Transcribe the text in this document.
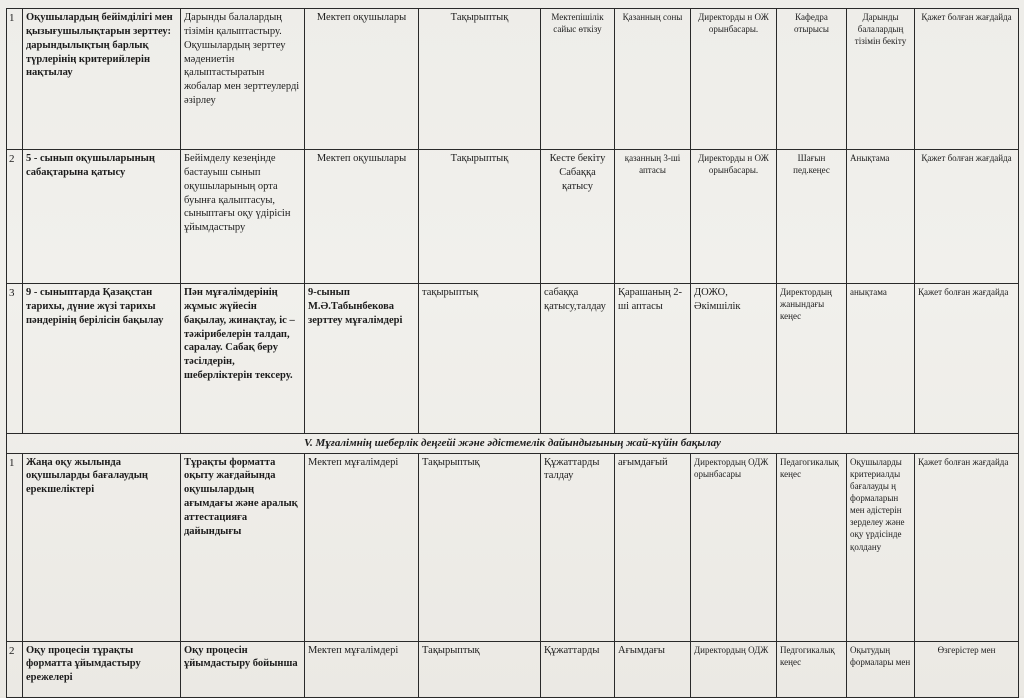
1	Оқушылардың бейімділігі мен қызығушылықтарын зерттеу: дарындылықтың барлық түрлерінің критерийлерін нақтылау	Дарынды балалардың тізімін қалыптастыру. Оқушылардың зерттеу мәдениетін қалыптастыратын жобалар мен зерттеулерді әзірлеу	Мектеп оқушылары	Тақырыптық	Мектепішілік сайыс өткізу	Қазанның соны	Директорды н ОЖ орынбасары.	Кафедра отырысы	Дарынды балалардың тізімін бекіту	Қажет болған жағдайда
2	5 - сынып оқушыларының сабақтарына қатысу	Бейімделу кезеңінде бастауыш сынып оқушыларының орта буынға қалыптасуы, сыныптағы оқу үдірісін ұйымдастыру	Мектеп оқушылары	Тақырыптық	Кесте бекіту Сабаққа қатысу	қазанның 3-ші аптасы	Директорды н ОЖ орынбасары.	Шағын пед.кеңес	Анықтама	Қажет болған жағдайда
3	9 - сыныптарда Қазақстан тарихы, дүние жүзі тарихы пәндерінің берілісін бақылау	Пән мұғалімдерінің жұмыс жүйесін бақылау, жинақтау, іс – тәжірибелерін талдап, саралау. Сабақ беру тәсілдерін, шеберліктерін тексеру.	9-сынып М.Ә.Табынбекова зерттеу мұғалімдері	тақырыптық	сабаққа қатысу,талдау	Қарашаның 2-ші аптасы	ДОЖО, Әкімшілік	Директордың жанындағы кеңес	анықтама	Қажет болған жағдайда
V. Мұғалімнің шеберлік деңгейі және әдістемелік дайындығының жай-күйін бақылау										
1	Жаңа оқу жылында оқушыларды бағалаудың ерекшеліктері	Тұрақты форматта оқыту жағдайында оқушылардың ағымдағы және аралық аттестацияға дайындығы	Мектеп мұғалімдері	Тақырыптық	Құжаттарды талдау	ағымдағый	Директордың ОДЖ орынбасары	Педагогикалық кеңес	Оқушыларды критериалды бағалауды ң формаларын мен әдістерін зерделеу және оқу үрдісінде қолдану	Қажет болған жағдайда
2	Оқу процесін тұрақты форматта ұйымдастыру ережелері	Оқу процесін ұйымдастыру бойынша	Мектеп мұғалімдері	Тақырыптық	Құжаттарды	Ағымдағы	Директордың ОДЖ	Педгогикалық кеңес	Оқытудың формалары мен	Өзгерістер мен
